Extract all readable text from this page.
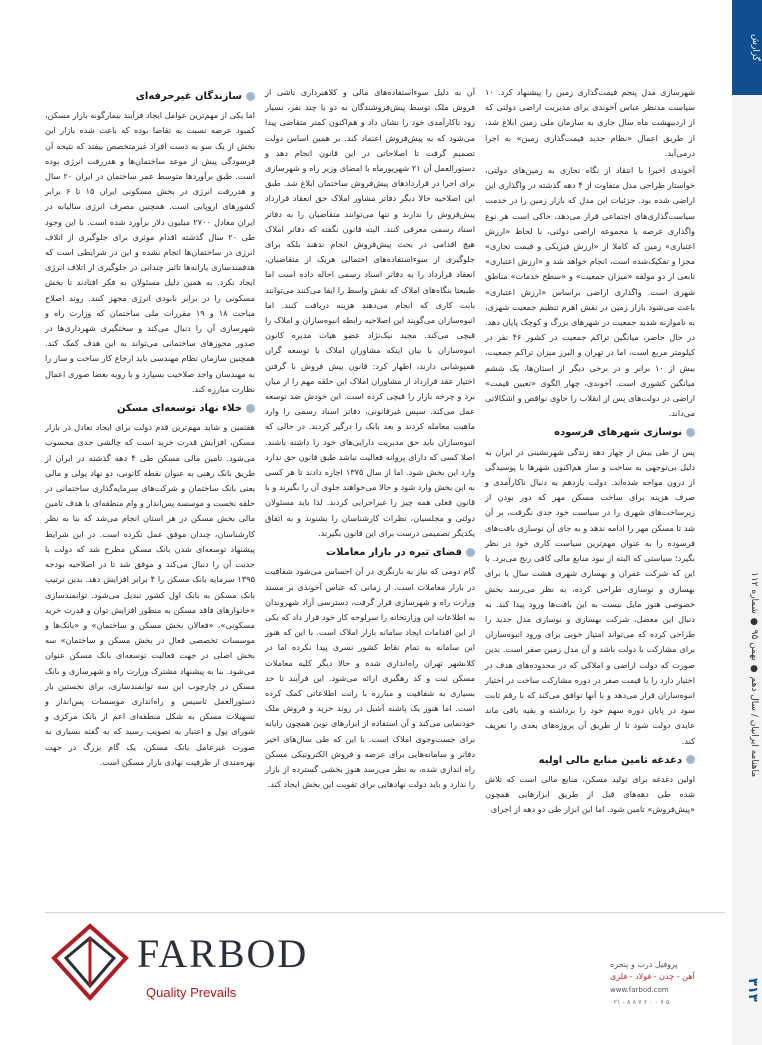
گزارش
ماهنامه ایرانیان / سال دهم ● بهمن ۹۵ ● شماره ۱۱۲
۳۱۳

شهرسازی مدل پنجم قیمت‌گذاری زمین را پیشنهاد کرد. ۱۰ سیاست مدنظر عباس آخوندی برای مدیریت اراضی دولتی که از اردیبهشت ماه سال جاری به سازمان ملی زمین ابلاغ شد، از طریق اعمال «نظام جدید قیمت‌گذاری زمین» به اجرا درمی‌آید.

آخوندی اخیرا با انتقاد از نگاه تجاری به زمین‌های دولتی، خواستار طراحی مدل متفاوت از ۴ دهه گذشته در واگذاری این اراضی شده بود. جزئیات این مدل که بازار زمین را در خدمت سیاست‌گذاری‌های اجتماعی قرار می‌دهد، حاکی است هر نوع واگذاری عرصه یا مجموعه اراضی دولتی، با لحاظ «ارزش اعتباری» زمین که کاملا از «ارزش فیزیکی و قیمت تجاری» مجزا و تفکیک‌شده است، انجام خواهد شد و «ارزش اعتباری» تابعی از دو مولفه «میزان جمعیت» و «سطح خدمات» مناطق شهری است. واگذاری اراضی براساس «ارزش اعتباری» باعث می‌شود بازار زمین در نقش اهرم تنظیم جمعیت شهری، به ناموازنه شدید جمعیت در شهرهای بزرگ و کوچک پایان دهد. در حال حاضر، میانگین تراکم جمعیت در کشور ۴۶ نفر در کیلومتر مربع است، اما در تهران و البرز میزان تراکم جمعیت، بیش از ۱۰ برابر و در برخی دیگر از استان‌ها، یک ششم میانگین کشوری است. آخوندی، چهار الگوی «تعیین قیمت» اراضی در دولت‌های پس از انقلاب را حاوی نواقص و اشکالاتی می‌داند.

نوسازی شهرهای فرسوده

پس از طی بیش از چهار دهه زندگی شهرنشینی در ایران به دلیل بی‌توجهی به ساخت و ساز هم‌اکنون شهرها با پوسیدگی از درون مواجه شده‌اند. دولت یازدهم به دنبال ناکارآمدی و صرف هزینه برای ساخت مسکن مهر که دور بودن از زیرساخت‌های شهری را در سیاست خود جدی نگرفت، بر آن شد تا مسکن مهر را ادامه ندهد و به جای آن نوسازی بافت‌های فرسوده را به عنوان مهم‌ترین سیاست کاری خود در نظر بگیرد؛ سیاستی که البته از نبود منابع مالی کافی رنج می‌برد. با این که شرکت عمران و بهسازی شهری هشت سال با برای بهسازی و نوسازی طراحی کرده، به نظر می‌رسد بخش خصوصی هنوز مایل نیست به این بافت‌ها ورود پیدا کند. به دنبال این معضل، شرکت بهسازی و نوسازی مدل جدید را طراحی کرده که می‌تواند امتیاز خوبی برای ورود انبوه‌سازان برای مشارکت با دولت باشد و آن مدل زمین صفر است. بدین صورت که دولت اراضی و املاکی که در محدوده‌های هدف در اختیار دارد را با قیمت صفر در دوره مشارکت ساخت در اختیار انبوه‌سازان قرار می‌دهد و با آنها توافق می‌کند که با رقم ثابت سود در پایان دوره سهم خود را برداشته و بقیه باقی ماند عایدی دولت شود تا از طریق آن پروژه‌های بعدی را تعریف کند.

دغدغه تامین منابع مالی اولیه

اولین دغدغه برای تولید مسکن، منابع مالی است که تلاش شده طی دهه‌های قبل از طریق ابزارهایی همچون «پیش‌فروش» تامین شود. اما این ابزار طی دو دهه از اجرای

آن به دلیل سوءاستفاده‌های مالی و کلاهبرداری ناشی از فروش ملک توسط پیش‌فروشندگان به دو یا چند نفر، بسیار زود ناکارآمدی خود را نشان داد و هم‌اکنون کمتر متقاضی پیدا می‌شود که به پیش‌فروش اعتماد کند. بر همین اساس دولت تصمیم گرفت تا اصلاحاتی در این قانون انجام دهد و دستورالعمل آن ۲۱ شهریورماه با امضای وزیر راه و شهرسازی برای اجرا در قراردادهای پیش‌فروش ساختمان ابلاغ شد. طبق این اصلاحیه حالا دیگر دفاتر مشاور املاک حق انعقاد قرارداد پیش‌فروش را ندارند و تنها می‌توانند متقاضیان را به دفاتر اسناد رسمی معرفی کنند. البته قانون نگفته که دفاتر املاک هیچ اقدامی در بحث پیش‌فروش انجام ندهند بلکه برای جلوگیری از سوءاستفاده‌های احتمالی هریک از متقاضیان، انعقاد قرارداد را به دفاتر اسناد رسمی احاله داده است اما طبیعتا بنگاه‌های املاک که نقش واسط را ایفا می‌کنند می‌توانند بابت کاری که انجام می‌دهند هزینه دریافت کنند. اما انبوه‌سازان می‌گویند این اصلاحیه رابطه انبوه‌سازان و املاک را قیچی می‌کند. مجید نیک‌نژاد عضو هیات مدیره کانون انبوه‌سازان با بیان اینکه مشاوران املاک با توسعه گران همپوشانی دارند، اظهار کرد: قانون پیش فروش با گرفتن اختیار عقد قرارداد از مشاوران املاک این حلقه مهم را از میان برد و چرخه بازار را قیچی کرده است. این خودش ضد توسعه عمل می‌کند. سپس غیرقانونی، دفاتر اسناد رسمی را وارد ماهیت معامله کردند و بعد بانک را درگیر کردند. در حالی که انبوه‌سازان باید حق مدیریت دارایی‌های خود را داشته باشند. اصلا کسی که دارای پروانه فعالیت نباشد طبق قانون حق ندارد وارد این بخش شود. اما از سال ۱۳۷۵ اجازه دادند تا هر کسی به این بخش وارد شود و حالا می‌خواهند جلوی آن را بگیرند و با قانون فعلی همه چیز را غیراجرایی کردند. لذا باید مسئولان دولتی و مجلسیان، نظرات کارشناسان را بشنوند و به اتفاق یکدیگر تصمیمی درست برای این قانون بگیرند.

فضای تیره در بازار معاملات

گام دومی که نیاز به بازنگری در آن احساس می‌شود شفافیت در بازار معاملات است. از زمانی که عباس آخوندی بر مسند وزارت راه و شهرسازی قرار گرفت، دسترسی آزاد شهروندان به اطلاعات این وزارتخانه را سرلوحه کار خود قرار داد که یکی از این اقدامات ایجاد سامانه بازار املاک است. با این که هنوز این سامانه به تمام نقاط کشور تسری پیدا نکرده اما در کلانشهر تهران راه‌اندازی شده و حالا دیگر کلیه معاملات مسکن ثبت و کد رهگیری ارائه می‌شود. این فرآیند تا حد بسیاری به شفافیت و مبارزه با رانت اطلاعاتی کمک کرده است. اما هنوز یک پاشنه آشیل در روند خرید و فروش ملک خودنمایی می‌کند و آن استفاده از ابزارهای نوین همچون رایانه برای جست‌وجوی املاک است. با این که طی سال‌های اخیر دفاتر و سامانه‌هایی برای عرضه و فروش الکترونیکی مسکن راه اندازی شده، به نظر می‌رسد هنوز بخشی گسترده از بازار را ندارد و باید دولت نهادهایی برای تقویت این بخش ایجاد کند.

سازندگان غیرحرفه‌ای

اما یکی از مهم‌ترین عوامل ایجاد فرآیند بیمارگونه بازار مسکن، کمبود عرضه نسبت به تقاضا بوده که باعث شده بازار این بخش از یک سو به دست افراد غیرمتخصص بیفتد که نتیجه آن فرسودگی پیش از موعد ساختمان‌ها و هدررفت انرژی بوده است. طبق برآوردها متوسط عمر ساختمان در ایران ۲۰ سال و هدررفت انرژی در بخش مسکونی ایران ۱۵ تا ۶ برابر کشورهای اروپایی است. همچنین مصرف انرژی سالیانه در ایران معادل ۲۷۰۰ میلیون دلار برآورد شده است. با این وجود طی ۲۰ سال گذشته اقدام موثری برای جلوگیری از اتلاف انرژی در ساختمان‌ها انجام نشده و این در شرایطی است که هدفمندسازی یارانه‌ها تاثیر چندانی در جلوگیری از اتلاف انرژی ایجاد نکرد. به همین دلیل مسئولان به فکر افتادند تا بخش مسکونی را در برابر نابودی انرژی مجهز کنند. روند اصلاح مباحث ۱۸ و ۱۹ مقررات ملی ساختمان که وزارت راه و شهرسازی آن را دنبال می‌کند و سختگیری شهرداری‌ها در صدور مجوزهای ساختمانی می‌تواند به این هدف کمک کند. همچنین سازمان نظام مهندسی باید ارجاع کار ساخت و ساز را به مهندسان واجد صلاحیت بسپارد و با رویه بعضا صوری اعمال نظارت مبارزه کند.

خلاء نهاد توسعه‌ای مسکن

هفتمین و شاید مهم‌ترین قدم دولت برای ایجاد تعادل در بازار مسکن، افزایش قدرت خرید است که چالشی جدی محسوب می‌شود. تامین مالی مسکن طی ۴ دهه گذشته در ایران از طریق بانک رهنی به عنوان نقطه کانونی، دو نهاد پولی و مالی یعنی بانک ساختمان و شرکت‌های سرمایه‌گذاری ساختمانی در حلقه نخست و موسسه پس‌انداز و وام منطقه‌ای با هدف تامین مالی بخش مسکن در هر استان انجام می‌شد که بنا به نظر کارشناسان، چندان موفق عمل نکرده است. در این شرایط پیشنهاد توسعه‌ای شدن بانک مسکن مطرح شد که دولت با جدیت آن را دنبال می‌کند و موفق شد تا در اصلاحیه بودجه ۱۳۹۵ سرمایه بانک مسکن را ۴ برابر افزایش دهد. بدین ترتیب بانک مسکن به بانک اول کشور تبدیل می‌شود. توانمندسازی «خانوارهای فاقد مسکن به منظور افزایش توان و قدرت خرید مسکونی»، «فعالان بخش مسکن و ساختمان» و «بانک‌ها و موسسات تخصصی فعال در بخش مسکن و ساختمان» سه بخش اصلی در جهت فعالیت توسعه‌ای بانک مسکن عنوان می‌شود. بنا به پیشنهاد مشترک وزارت راه و شهرسازی و بانک مسکن در چارچوب این سه توانمندسازی، برای نخستین بار دستورالعمل تاسیس و راه‌اندازی موسسات پس‌انداز و تسهیلات مسکن به شکل منطقه‌ای اعم از بانک مرکزی و شورای پول و اعتبار به تصویب رسید که به گفته بسیاری به صورت غیرعامل بانک مسکن، یک گام بزرگ در جهت بهره‌مندی از ظرفیت نهادی بازار مسکن است.

FARBOD
Quality Prevails
پروفیل درب و پنجره
آهن - چدن - فولاد - فلزی
www.farbod.com
۰۲۱ - ۸ ۸ ۷ ۶ ۰ ۰ ۷ ۵
